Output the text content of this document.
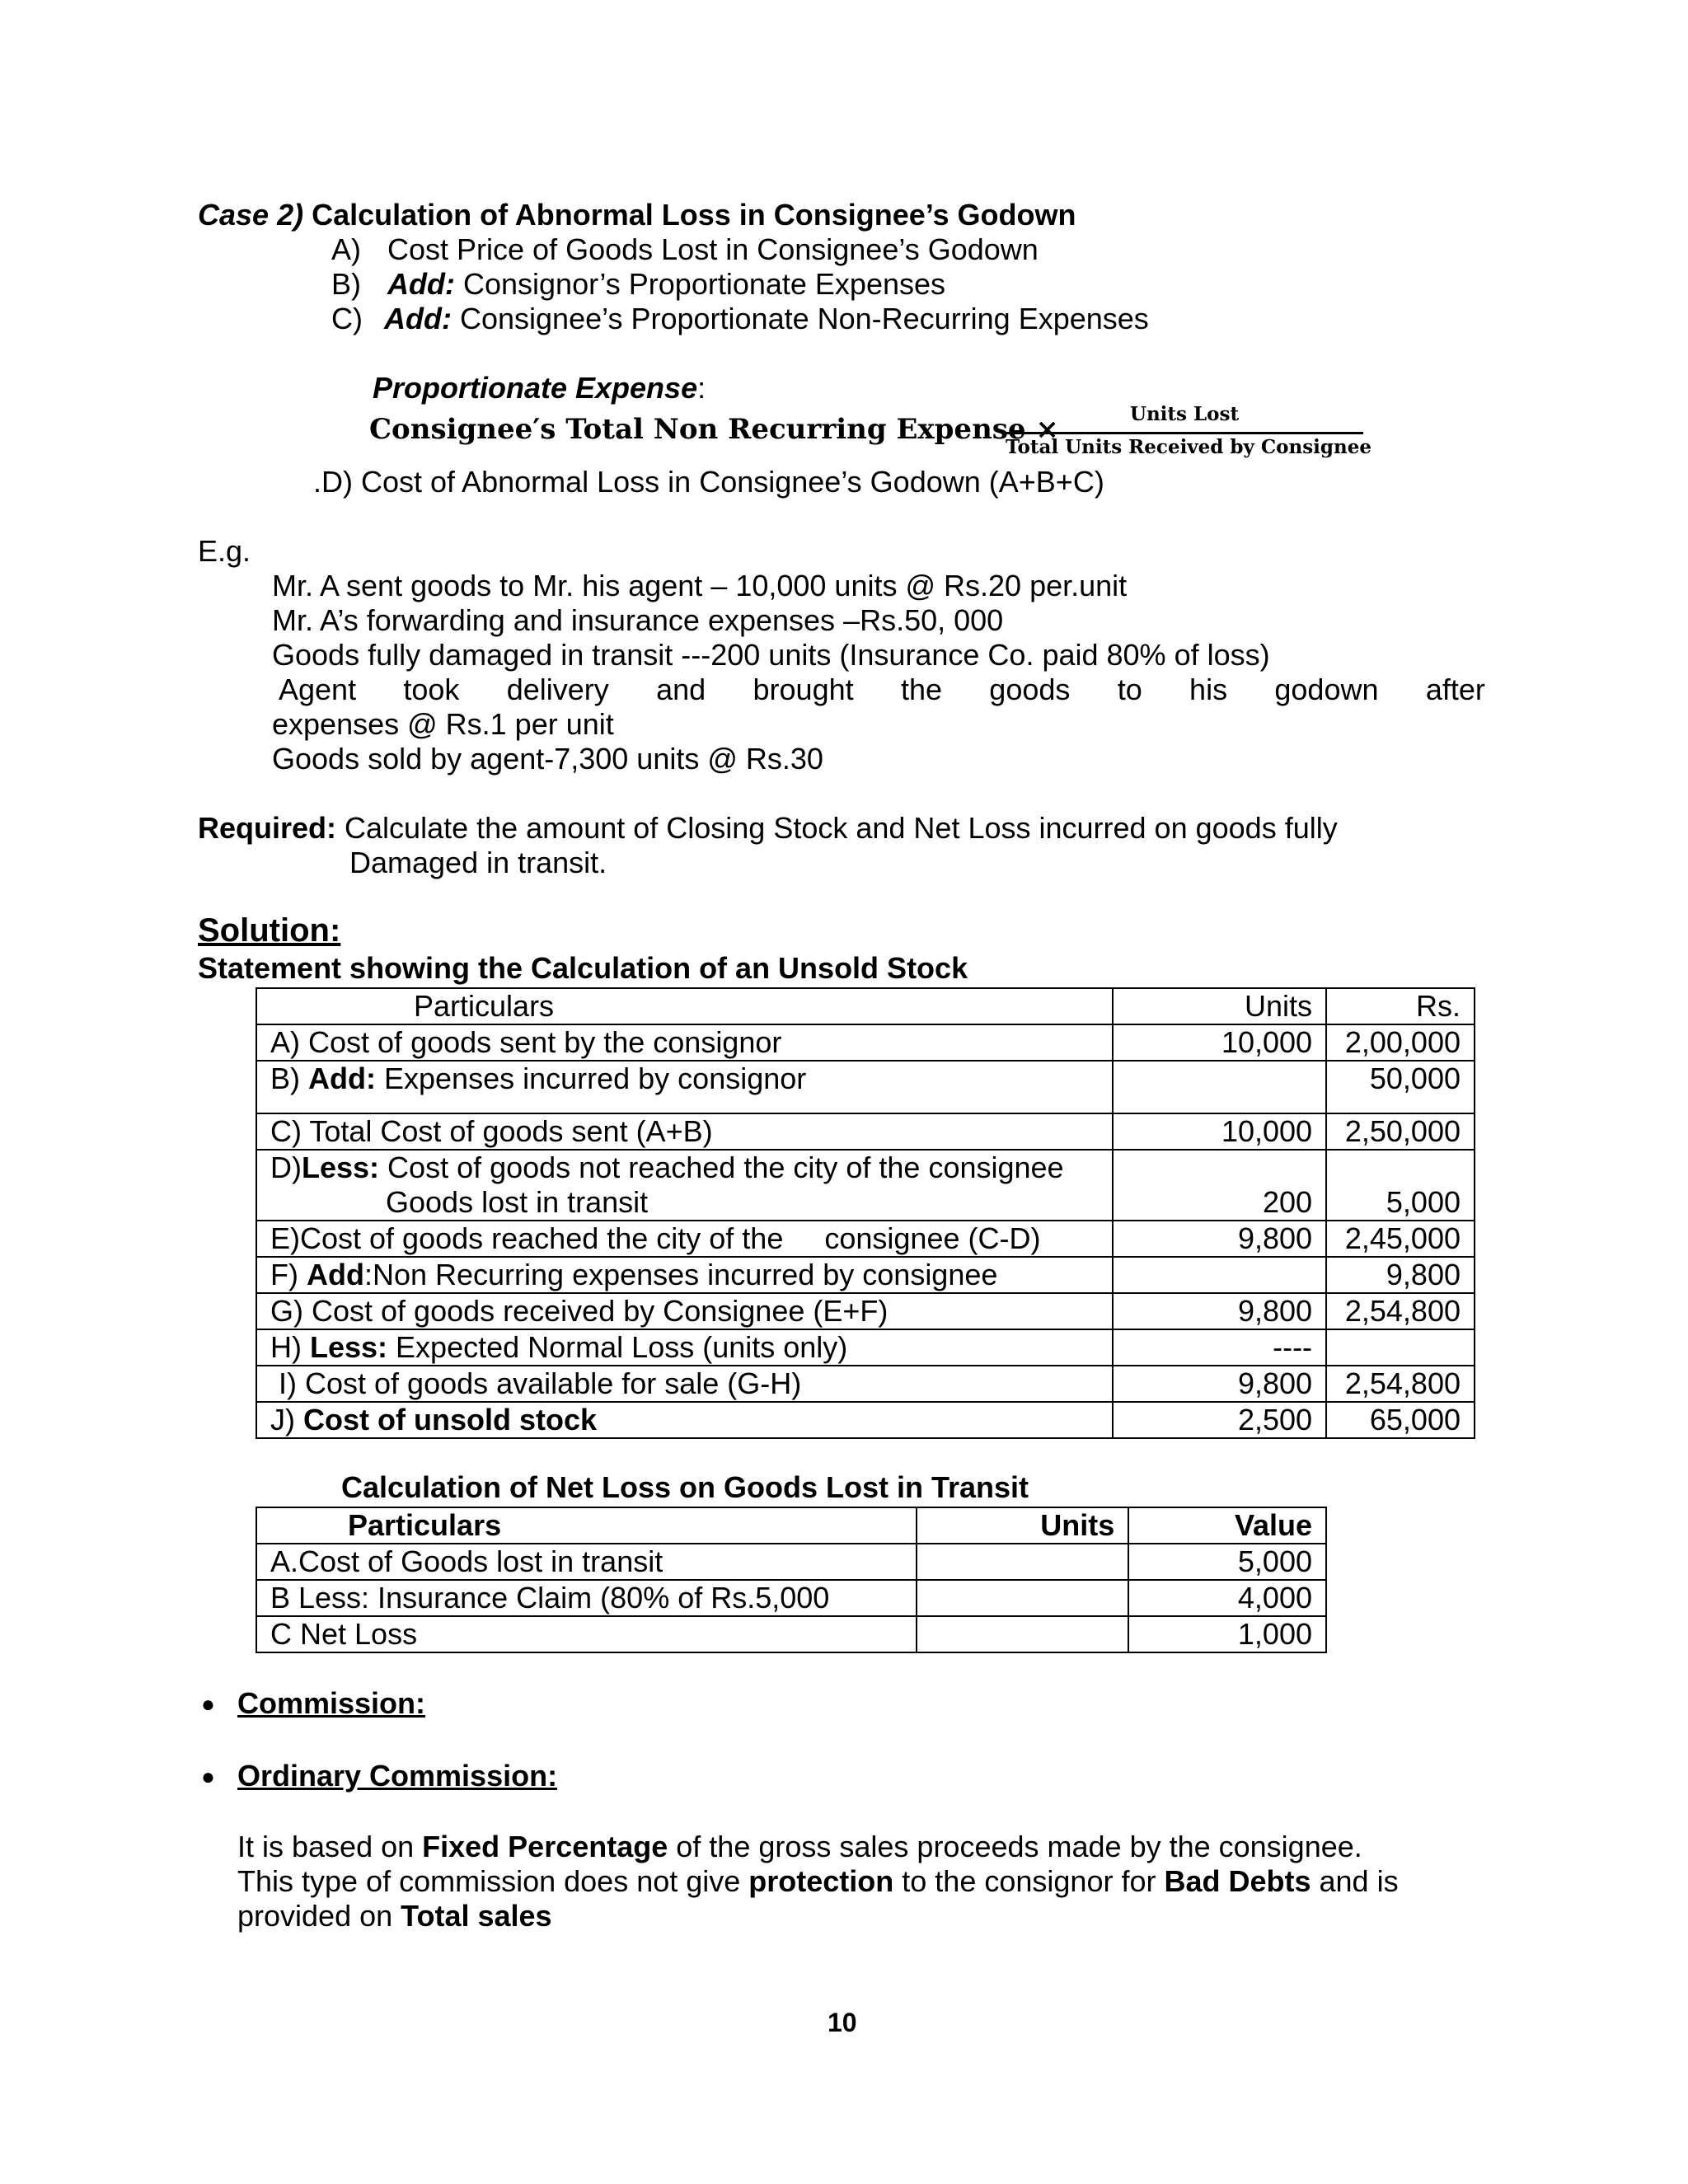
Case 2) Calculation of Abnormal Loss in Consignee’s Godown
A) Cost Price of Goods Lost in Consignee’s Godown
B) Add: Consignor’s Proportionate Expenses
C) Add: Consignee’s Proportionate Non-Recurring Expenses
Proportionate Expense:
Consignee′s Total Non Recurring Expense ×	Units Lost
Total Units Received by Consignee
.D) Cost of Abnormal Loss in Consignee’s Godown (A+B+C)
E.g.
Mr. A sent goods to Mr. his agent – 10,000 units @ Rs.20 per.unit
Mr. A’s forwarding and insurance expenses –Rs.50, 000
Goods fully damaged in transit ---200 units (Insurance Co. paid 80% of loss)
Agent took delivery and brought the goods to his godown after
expenses @ Rs.1 per unit
Goods sold by agent-7,300 units @ Rs.30
Required: Calculate the amount of Closing Stock and Net Loss incurred on goods fully
Damaged in transit.
Solution:
Statement showing the Calculation of an Unsold Stock
Particulars	Units	Rs.
A) Cost of goods sent by the consignor	10,000	2,00,000
B) Add: Expenses incurred by consignor		50,000
C) Total Cost of goods sent (A+B)	10,000	2,50,000

D)Less: Cost of goods not reached the city of the consignee
Goods lost in transit	200	5,000
E)Cost of goods reached the city of the     consignee (C-D)	9,800	2,45,000
F) Add:Non Recurring expenses incurred by consignee		9,800
G) Cost of goods received by Consignee (E+F)	9,800	2,54,800
H) Less: Expected Normal Loss (units only)	----	
I) Cost of goods available for sale (G-H)	9,800	2,54,800
J) Cost of unsold stock	2,500	65,000
Calculation of Net Loss on Goods Lost in Transit
Particulars	Units	Value
A.Cost of Goods lost in transit		5,000
B Less: Insurance Claim (80% of Rs.5,000		4,000
C Net Loss		1,000
● Commission:
● Ordinary Commission:
It is based on Fixed Percentage of the gross sales proceeds made by the consignee.
This type of commission does not give protection to the consignor for Bad Debts and is
provided on Total sales
10
